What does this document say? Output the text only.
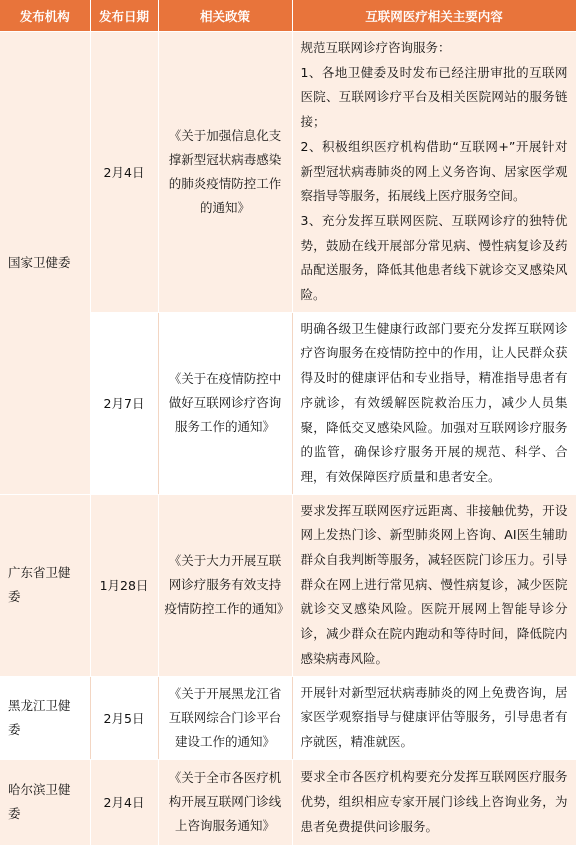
发布机构	发布日期	相关政策	互联网医疗相关主要内容
国家卫健委	2月4日	《关于加强信息化支撑新型冠状病毒感染的肺炎疫情防控工作的通知》	规范互联网诊疗咨询服务：
1、各地卫健委及时发布已经注册审批的互联网医院、互联网诊疗平台及相关医院网站的服务链接；
2、积极组织医疗机构借助“互联网+”开展针对新型冠状病毒肺炎的网上义务咨询、居家医学观察指导等服务，拓展线上医疗服务空间。
3、充分发挥互联网医院、互联网诊疗的独特优势，鼓励在线开展部分常见病、慢性病复诊及药品配送服务，降低其他患者线下就诊交叉感染风险。

	2月7日	《关于在疫情防控中做好互联网诊疗咨询服务工作的通知》	明确各级卫生健康行政部门要充分发挥互联网诊疗咨询服务在疫情防控中的作用，让人民群众获得及时的健康评估和专业指导，精准指导患者有序就诊，有效缓解医院救治压力，减少人员集聚，降低交叉感染风险。加强对互联网诊疗服务的监管，确保诊疗服务开展的规范、科学、合理，有效保障医疗质量和患者安全。

广东省卫健委	1月28日	《关于大力开展互联网诊疗服务有效支持疫情防控工作的通知》	要求发挥互联网医疗远距离、非接触优势，开设网上发热门诊、新型肺炎网上咨询、AI医生辅助群众自我判断等服务，减轻医院门诊压力。引导群众在网上进行常见病、慢性病复诊，减少医院就诊交叉感染风险。医院开展网上智能导诊分诊，减少群众在院内跑动和等待时间，降低院内感染病毒风险。

黑龙江卫健委	2月5日	《关于开展黑龙江省互联网综合门诊平台建设工作的通知》	开展针对新型冠状病毒肺炎的网上免费咨询，居家医学观察指导与健康评估等服务，引导患者有序就医，精准就医。

哈尔滨卫健委	2月4日	《关于全市各医疗机构开展互联网门诊线上咨询服务通知》	要求全市各医疗机构要充分发挥互联网医疗服务优势，组织相应专家开展门诊线上咨询业务，为患者免费提供问诊服务。
